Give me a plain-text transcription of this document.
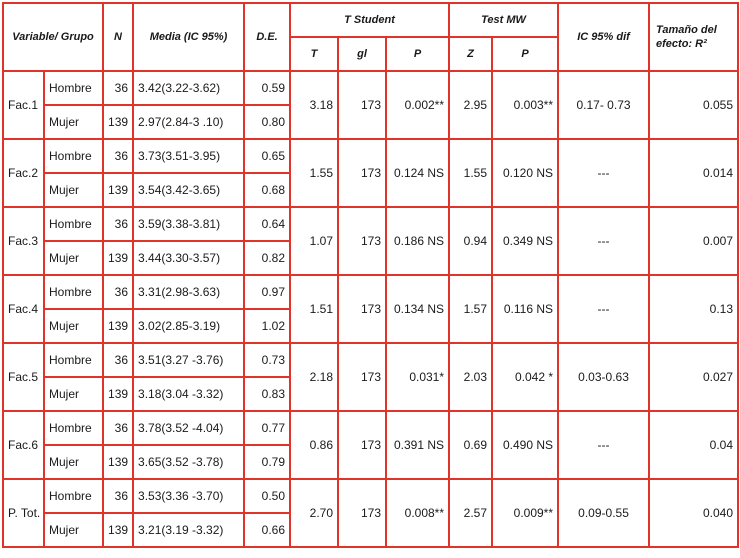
Variable/ Grupo		N	Media (IC 95%)	D.E.	T Student			Test MW		IC 95% dif	Tamaño del efecto: R²
					T	gl	P	Z	P		
Fac.1	Hombre	36	3.42(3.22-3.62)	0.59	3.18	173	0.002**	2.95	0.003**	0.17- 0.73	0.055
	Mujer	139	2.97(2.84-3 .10)	0.80							
Fac.2	Hombre	36	3.73(3.51-3.95)	0.65	1.55	173	0.124 NS	1.55	0.120 NS	---	0.014
	Mujer	139	3.54(3.42-3.65)	0.68							
Fac.3	Hombre	36	3.59(3.38-3.81)	0.64	1.07	173	0.186 NS	0.94	0.349 NS	---	0.007
	Mujer	139	3.44(3.30-3.57)	0.82							
Fac.4	Hombre	36	3.31(2.98-3.63)	0.97	1.51	173	0.134 NS	1.57	0.116 NS	---	0.13
	Mujer	139	3.02(2.85-3.19)	1.02							
Fac.5	Hombre	36	3.51(3.27 -3.76)	0.73	2.18	173	0.031*	2.03	0.042 *	0.03-0.63	0.027
	Mujer	139	3.18(3.04 -3.32)	0.83							
Fac.6	Hombre	36	3.78(3.52 -4.04)	0.77	0.86	173	0.391 NS	0.69	0.490 NS	---	0.04
	Mujer	139	3.65(3.52 -3.78)	0.79							
P. Tot.	Hombre	36	3.53(3.36 -3.70)	0.50	2.70	173	0.008**	2.57	0.009**	0.09-0.55	0.040
	Mujer	139	3.21(3.19 -3.32)	0.66							
